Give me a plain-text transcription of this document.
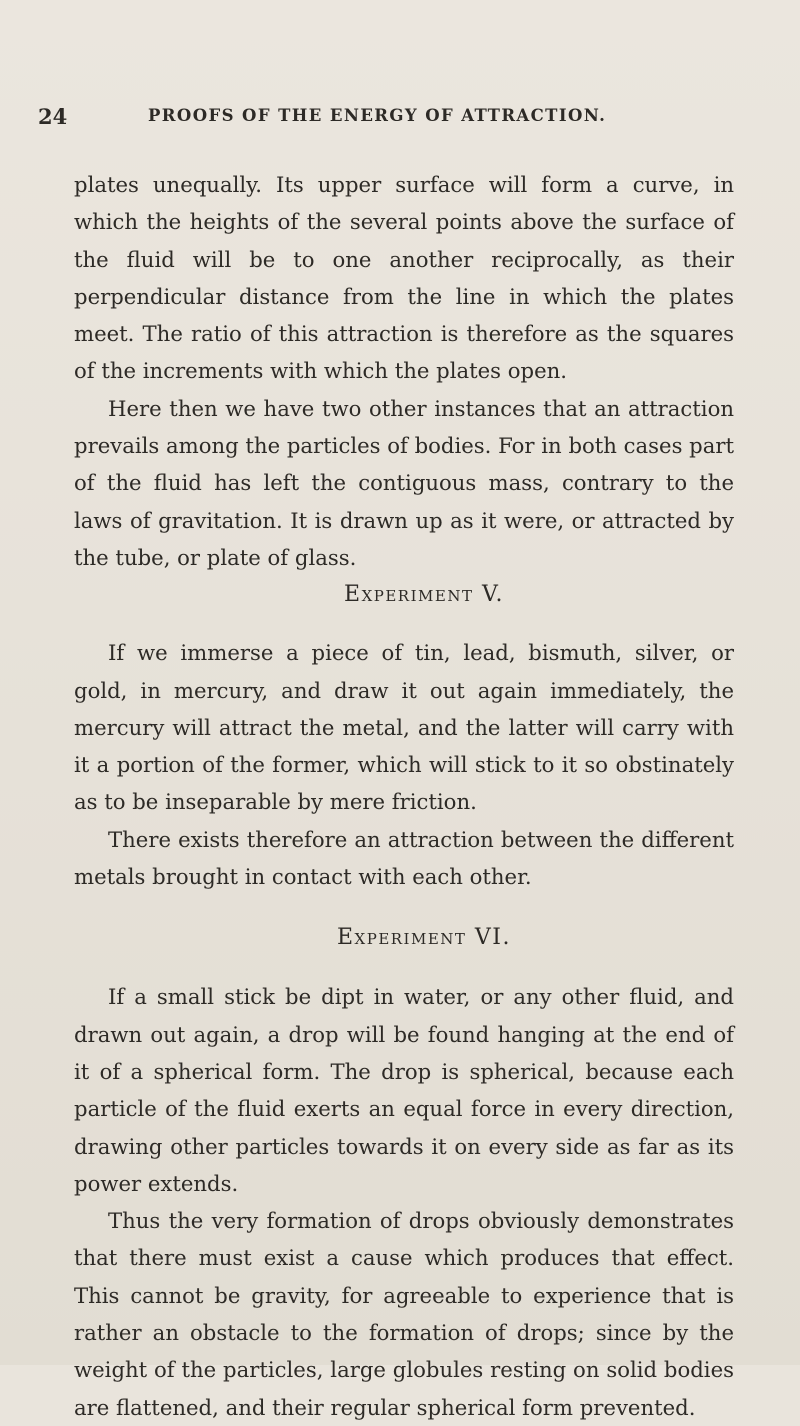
24	PROOFS OF THE ENERGY OF ATTRACTION.

plates unequally. Its upper surface will form a curve, in which the heights of the several points above the surface of the fluid will be to one another reciprocally, as their perpendicular distance from the line in which the plates meet. The ratio of this attraction is therefore as the squares of the increments with which the plates open.

Here then we have two other instances that an attraction prevails among the particles of bodies. For in both cases part of the fluid has left the contiguous mass, contrary to the laws of gravitation. It is drawn up as it were, or attracted by the tube, or plate of glass.

Experiment V.

If we immerse a piece of tin, lead, bismuth, silver, or gold, in mercury, and draw it out again immediately, the mercury will attract the metal, and the latter will carry with it a portion of the former, which will stick to it so obstinately as to be inseparable by mere friction.

There exists therefore an attraction between the different metals brought in contact with each other.

Experiment VI.

If a small stick be dipt in water, or any other fluid, and drawn out again, a drop will be found hanging at the end of it of a spherical form. The drop is spherical, because each particle of the fluid exerts an equal force in every direction, drawing other particles towards it on every side as far as its power extends.

Thus the very formation of drops obviously demonstrates that there must exist a cause which produces that effect. This cannot be gravity, for agreeable to experience that is rather an obstacle to the formation of drops; since by the weight of the particles, large globules resting on solid bodies are flattened, and their regular spherical form prevented.
